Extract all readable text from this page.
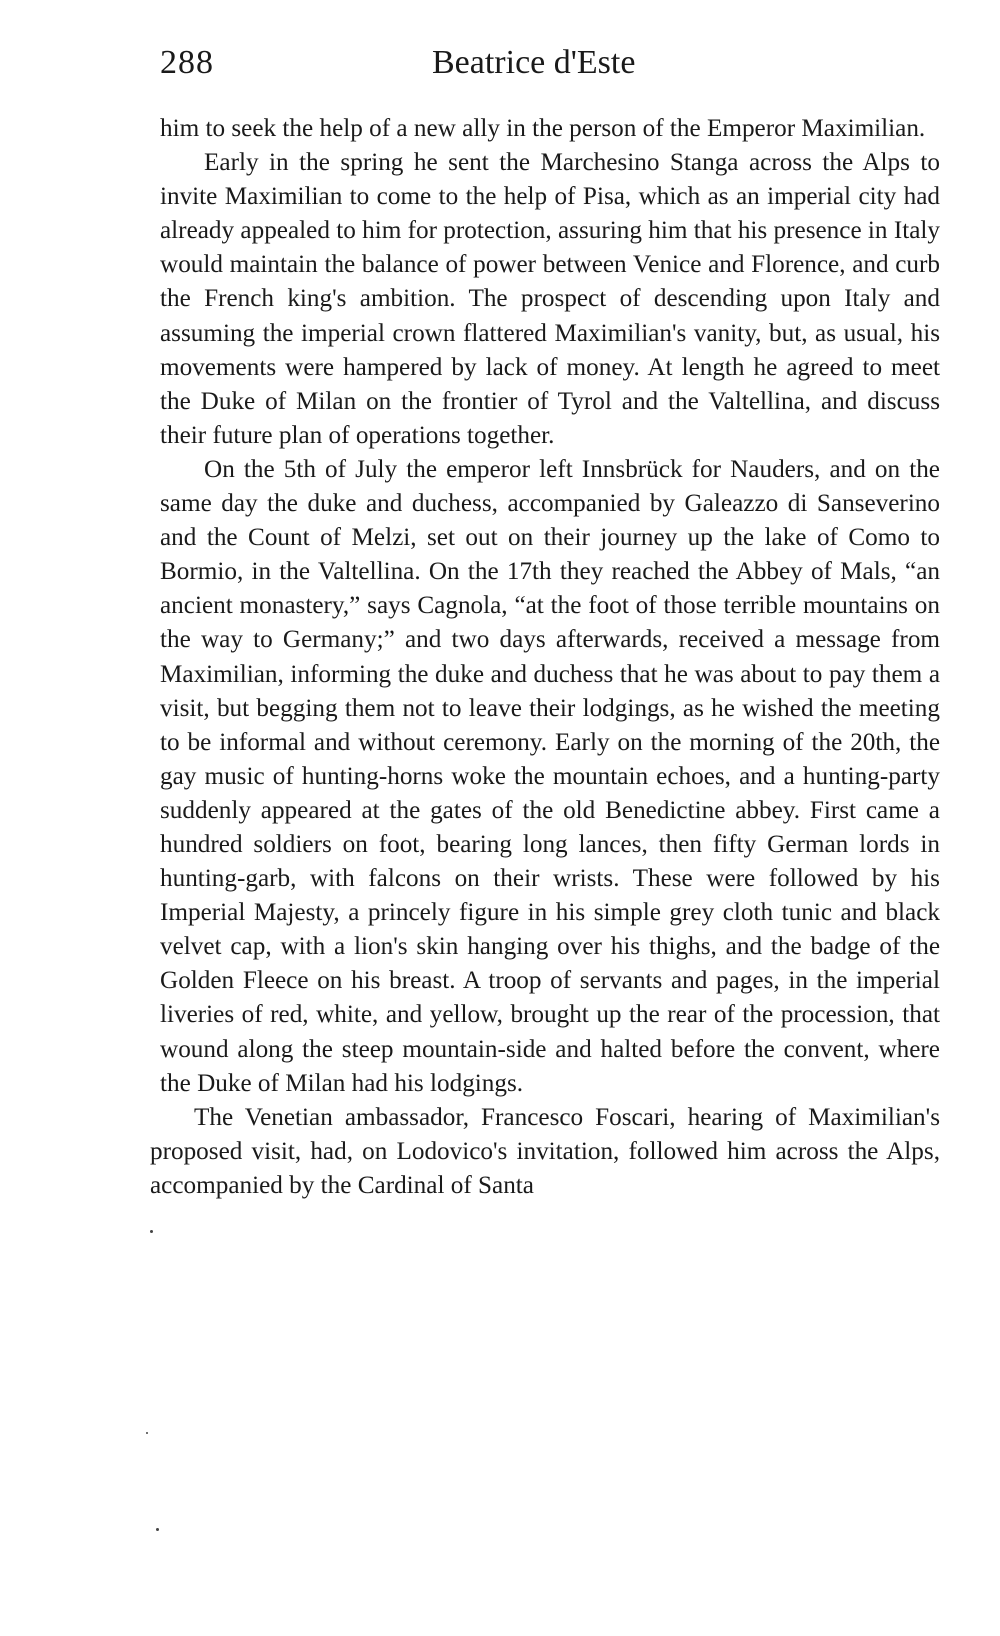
288	Beatrice d'Este

him to seek the help of a new ally in the person of the Emperor Maximilian.

Early in the spring he sent the Marchesino Stanga across the Alps to invite Maximilian to come to the help of Pisa, which as an imperial city had already appealed to him for protection, assuring him that his presence in Italy would maintain the balance of power between Venice and Florence, and curb the French king's ambition. The prospect of descending upon Italy and assuming the imperial crown flattered Maximilian's vanity, but, as usual, his movements were hampered by lack of money. At length he agreed to meet the Duke of Milan on the frontier of Tyrol and the Valtellina, and discuss their future plan of operations together.

On the 5th of July the emperor left Innsbrück for Nauders, and on the same day the duke and duchess, accompanied by Galeazzo di Sanseverino and the Count of Melzi, set out on their journey up the lake of Como to Bormio, in the Valtellina. On the 17th they reached the Abbey of Mals, “an ancient monastery,” says Cagnola, “at the foot of those terrible mountains on the way to Germany;” and two days afterwards, received a message from Maximilian, informing the duke and duchess that he was about to pay them a visit, but begging them not to leave their lodgings, as he wished the meeting to be informal and without ceremony. Early on the morning of the 20th, the gay music of hunting-horns woke the mountain echoes, and a hunting-party suddenly appeared at the gates of the old Benedictine abbey. First came a hundred soldiers on foot, bearing long lances, then fifty German lords in hunting-garb, with falcons on their wrists. These were followed by his Imperial Majesty, a princely figure in his simple grey cloth tunic and black velvet cap, with a lion's skin hanging over his thighs, and the badge of the Golden Fleece on his breast. A troop of servants and pages, in the imperial liveries of red, white, and yellow, brought up the rear of the procession, that wound along the steep mountain-side and halted before the convent, where the Duke of Milan had his lodgings.

The Venetian ambassador, Francesco Foscari, hearing of Maximilian's proposed visit, had, on Lodovico's invitation, followed him across the Alps, accompanied by the Cardinal of Santa
